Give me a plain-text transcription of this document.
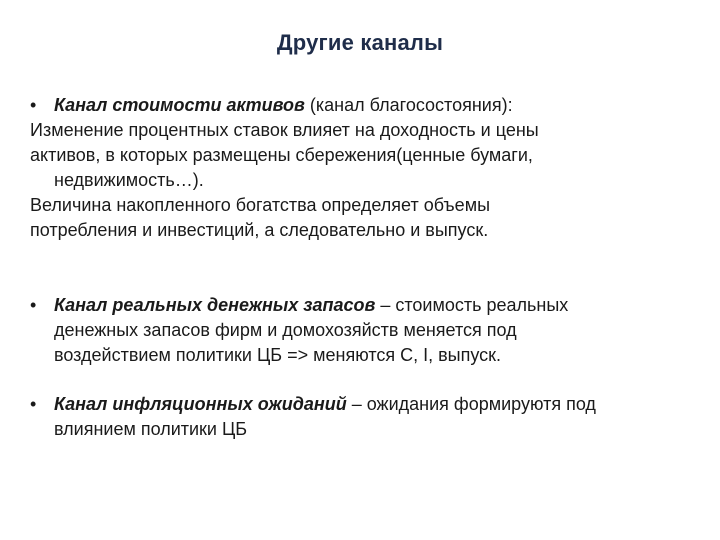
Другие каналы
• Канал стоимости активов (канал благосостояния):
Изменение процентных ставок влияет на доходность и цены
активов, в которых размещены сбережения(ценные бумаги,
недвижимость…).
Величина накопленного богатства определяет объемы
потребления и инвестиций, а следовательно и выпуск.
• Канал реальных денежных запасов – стоимость реальных
денежных запасов фирм и домохозяйств меняется под
воздействием политики ЦБ => меняются С, I, выпуск.
• Канал инфляционных ожиданий – ожидания формируютя под
влиянием политики ЦБ
